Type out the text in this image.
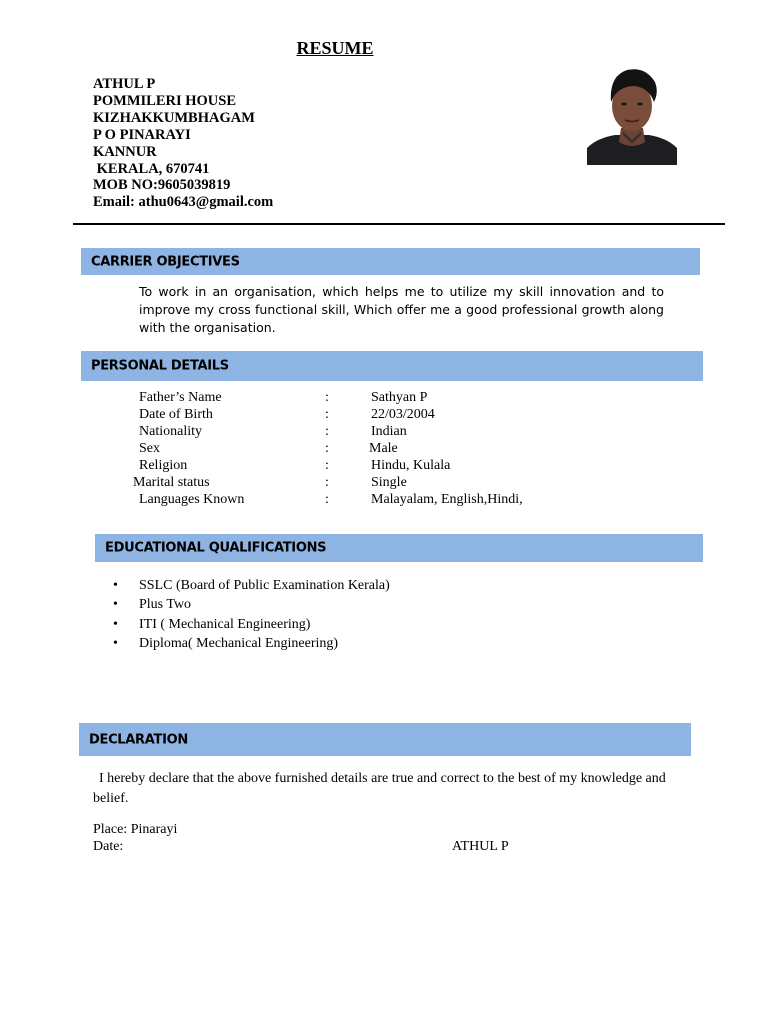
RESUME
ATHUL P
POMMILERI HOUSE
KIZHAKKUMBHAGAM
P O PINARAYI
KANNUR
KERALA, 670741
MOB NO:9605039819
Email: athu0643@gmail.com
CARRIER OBJECTIVES
To work in an organisation, which helps me to utilize my skill innovation and to improve my cross functional skill, Which offer me a good professional growth along with the organisation.
PERSONAL DETAILS
Father’s Name	:	Sathyan P
Date of Birth	:	22/03/2004
Nationality	:	Indian
Sex	:	Male
Religion	:	Hindu, Kulala
Marital status	:	Single
Languages Known	:	Malayalam, English,Hindi,
EDUCATIONAL QUALIFICATIONS
• SSLC (Board of Public Examination Kerala)
• Plus Two
• ITI ( Mechanical Engineering)
• Diploma( Mechanical Engineering)
DECLARATION
I hereby declare that the above furnished details are true and correct to the best of my knowledge and belief.
Place: Pinarayi
Date:	ATHUL P
